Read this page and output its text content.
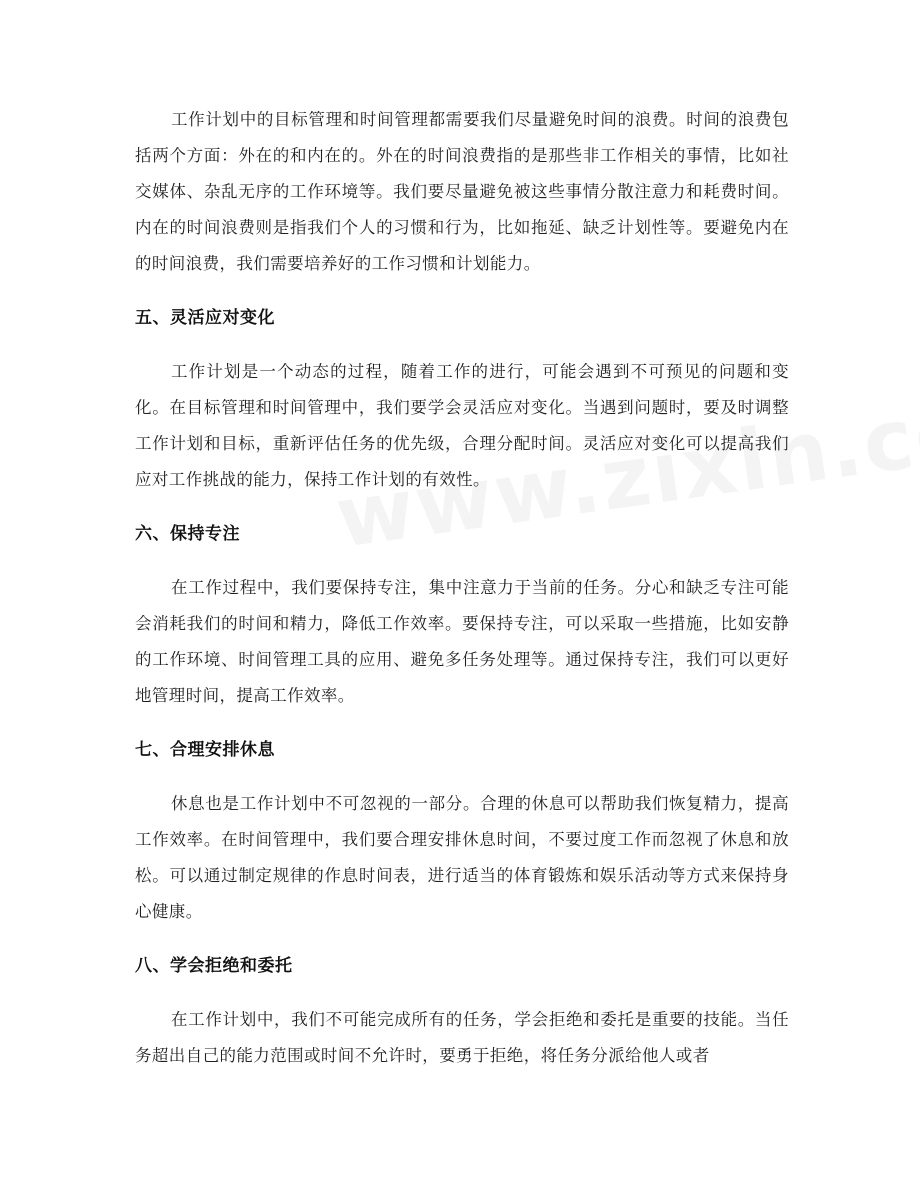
工作计划中的目标管理和时间管理都需要我们尽量避免时间的浪费。时间的浪费包括两个方面：外在的和内在的。外在的时间浪费指的是那些非工作相关的事情，比如社交媒体、杂乱无序的工作环境等。我们要尽量避免被这些事情分散注意力和耗费时间。内在的时间浪费则是指我们个人的习惯和行为，比如拖延、缺乏计划性等。要避免内在的时间浪费，我们需要培养好的工作习惯和计划能力。

五、灵活应对变化

工作计划是一个动态的过程，随着工作的进行，可能会遇到不可预见的问题和变化。在目标管理和时间管理中，我们要学会灵活应对变化。当遇到问题时，要及时调整工作计划和目标，重新评估任务的优先级，合理分配时间。灵活应对变化可以提高我们应对工作挑战的能力，保持工作计划的有效性。

六、保持专注

在工作过程中，我们要保持专注，集中注意力于当前的任务。分心和缺乏专注可能会消耗我们的时间和精力，降低工作效率。要保持专注，可以采取一些措施，比如安静的工作环境、时间管理工具的应用、避免多任务处理等。通过保持专注，我们可以更好地管理时间，提高工作效率。

七、合理安排休息

休息也是工作计划中不可忽视的一部分。合理的休息可以帮助我们恢复精力，提高工作效率。在时间管理中，我们要合理安排休息时间，不要过度工作而忽视了休息和放松。可以通过制定规律的作息时间表，进行适当的体育锻炼和娱乐活动等方式来保持身心健康。

八、学会拒绝和委托

在工作计划中，我们不可能完成所有的任务，学会拒绝和委托是重要的技能。当任务超出自己的能力范围或时间不允许时，要勇于拒绝，将任务分派给他人或者
